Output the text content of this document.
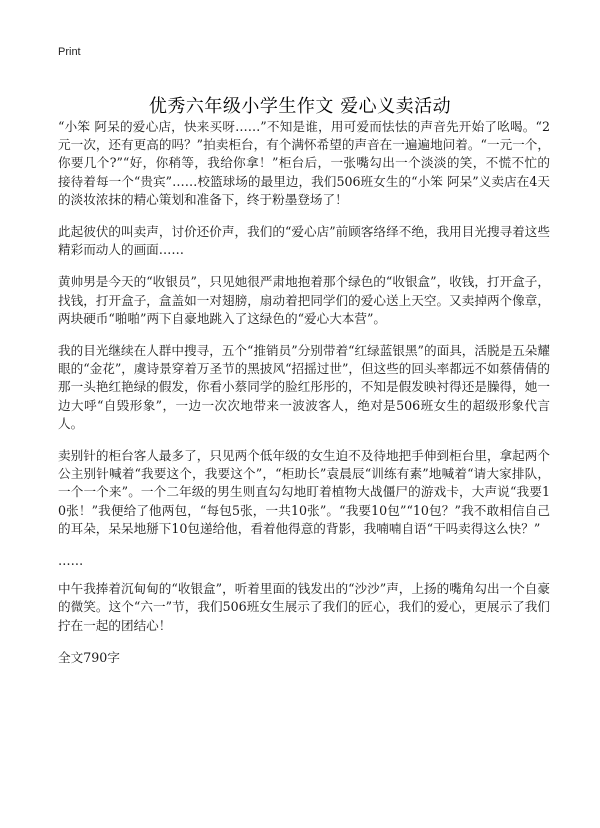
Print
优秀六年级小学生作文 爱心义卖活动

“小笨 阿呆的爱心店，快来买呀……”不知是谁，用可爱而怯怯的声音先开始了吆喝。“2元一次，还有更高的吗？”拍卖柜台，有个满怀希望的声音在一遍遍地问着。“一元一个，你要几个?”“好，你稍等，我给你拿！”柜台后，一张嘴勾出一个淡淡的笑，不慌不忙的接待着每一个“贵宾”……校篮球场的最里边，我们506班女生的“小笨 阿呆”义卖店在4天的淡妆浓抹的精心策划和准备下，终于粉墨登场了！

此起彼伏的叫卖声，讨价还价声，我们的“爱心店”前顾客络绎不绝，我用目光搜寻着这些精彩而动人的画面……

黄帅男是今天的“收银员”，只见她很严肃地抱着那个绿色的“收银盒”，收钱，打开盒子，找钱，打开盒子，盒盖如一对翅膀，扇动着把同学们的爱心送上天空。又卖掉两个像章，两块硬币“啪啪”两下自豪地跳入了这绿色的“爱心大本营”。

我的目光继续在人群中搜寻，五个“推销员”分别带着“红绿蓝银黑”的面具，活脱是五朵耀眼的“金花”，虞诗景穿着万圣节的黑披风“招摇过世”，但这些的回头率都远不如蔡倩倩的那一头艳红艳绿的假发，你看小蔡同学的脸红彤彤的，不知是假发映衬得还是臊得，她一边大呼“自毁形象”，一边一次次地带来一波波客人，绝对是506班女生的超级形象代言人。

卖别针的柜台客人最多了，只见两个低年级的女生迫不及待地把手伸到柜台里，拿起两个公主别针喊着“我要这个，我要这个”，“柜助长”袁晨辰“训练有素”地喊着“请大家排队，一个一个来”。一个二年级的男生则直勾勾地盯着植物大战僵尸的游戏卡，大声说“我要10张！”我便给了他两包，“每包5张，一共10张”。“我要10包”“10包？”我不敢相信自己的耳朵，呆呆地掰下10包递给他，看着他得意的背影，我喃喃自语“干吗卖得这么快？”

……

中午我捧着沉甸甸的“收银盒”，听着里面的钱发出的“沙沙”声，上扬的嘴角勾出一个自豪的微笑。这个“六一”节，我们506班女生展示了我们的匠心，我们的爱心，更展示了我们拧在一起的团结心！

全文790字
